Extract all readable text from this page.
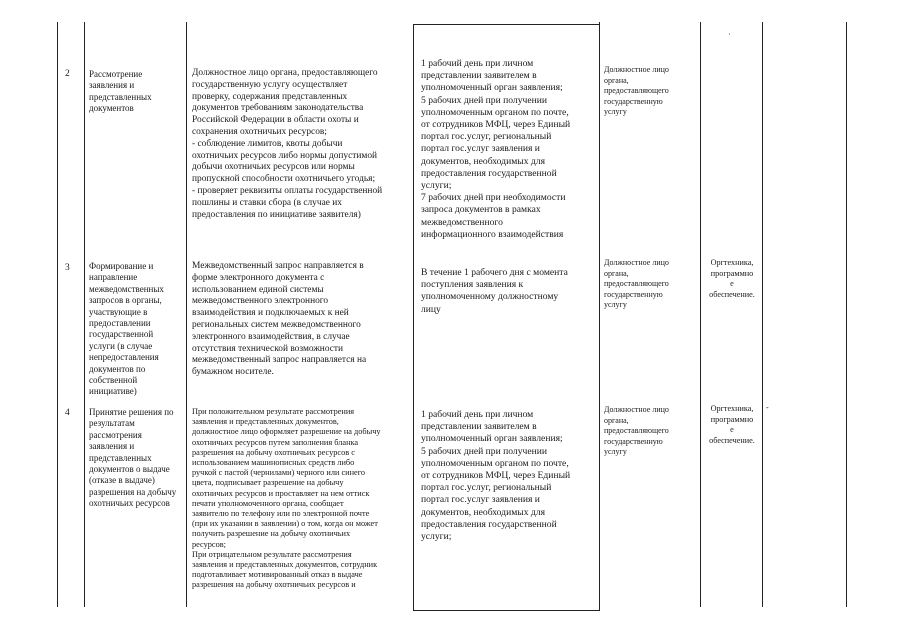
·
2 Рассмотрение
заявления и
представленных
документов
Должностное лицо органа, предоставляющего
государственную услугу осуществляет
проверку, содержания представленных
документов требованиям законодательства
Российской Федерации в области охоты и
сохранения охотничьих ресурсов;
- соблюдение лимитов, квоты добычи
охотничьих ресурсов либо нормы допустимой
добычи охотничьих ресурсов или нормы
пропускной способности охотничьего угодья;
- проверяет реквизиты оплаты государственной
пошлины и ставки сбора (в случае их
предоставления по инициативе заявителя)
1 рабочий день при личном
представлении заявителем в
уполномоченный орган заявления;
5 рабочих дней при получении
уполномоченным органом по почте,
от сотрудников МФЦ, через Единый
портал гос.услуг, региональный
портал гос.услуг заявления и
документов, необходимых для
предоставления государственной
услуги;
7 рабочих дней при необходимости
запроса документов в рамках
межведомственного
информационного взаимодействия
Должностное лицо
органа,
предоставляющего
государственную
услугу
3 Формирование и
направление
межведомственных
запросов в органы,
участвующие в
предоставлении
государственной
услуги (в случае
непредоставления
документов по
собственной
инициативе)
Межведомственный запрос направляется в
форме электронного документа с
использованием единой системы
межведомственного электронного
взаимодействия и подключаемых к ней
региональных систем межведомственного
электронного взаимодействия, в случае
отсутствия технической возможности
межведомственный запрос направляется на
бумажном носителе.
В течение 1 рабочего дня с момента
поступления заявления к
уполномоченному должностному
лицу
Должностное лицо
органа,
предоставляющего
государственную
услугу
Оргтехника,
программно
е
обеспечение.
4 Принятие решения по
результатам
рассмотрения
заявления и
представленных
документов о выдаче
(отказе в выдаче)
разрешения на добычу
охотничьих ресурсов
При положительном результате рассмотрения
заявления и представленных документов,
должностное лицо оформляет разрешение на добычу
охотничьих ресурсов путем заполнения бланка
разрешения на добычу охотничьих ресурсов с
использованием машинописных средств либо
ручкой с пастой (чернилами) черного или синего
цвета, подписывает разрешение на добычу
охотничьих ресурсов и проставляет на нем оттиск
печати уполномоченного органа, сообщает
заявителю по телефону или по электронной почте
(при их указании в заявлении) о том, когда он может
получить разрешение на добычу охотничьих
ресурсов;
При отрицательном результате рассмотрения
заявления и представленных документов, сотрудник
подготавливает мотивированный отказ в выдаче
разрешения на добычу охотничьих ресурсов и
1 рабочий день при личном
представлении заявителем в
уполномоченный орган заявления;
5 рабочих дней при получении
уполномоченным органом по почте,
от сотрудников МФЦ, через Единый
портал гос.услуг, региональный
портал гос.услуг заявления и
документов, необходимых для
предоставления государственной
услуги;
Должностное лицо
органа,
предоставляющего
государственную
услугу
Оргтехника,
программно
е
обеспечение.
-
